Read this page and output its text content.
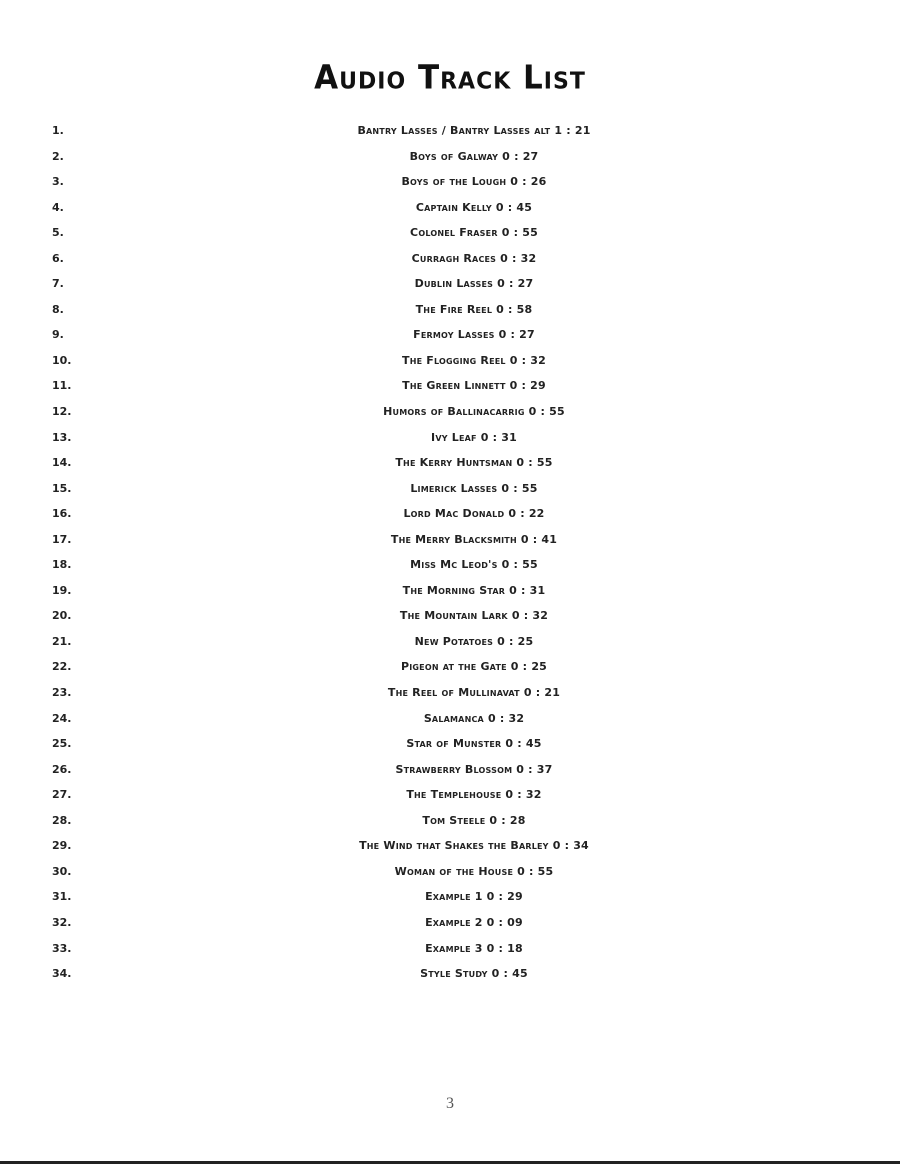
Audio Track List
1.	Bantry Lasses / Bantry Lasses alt 1 : 21
2.	Boys of Galway 0 : 27
3.	Boys of the Lough 0 : 26
4.	Captain Kelly 0 : 45
5.	Colonel Fraser 0 : 55
6.	Curragh Races 0 : 32
7.	Dublin Lasses 0 : 27
8.	The Fire Reel 0 : 58
9.	Fermoy Lasses 0 : 27
10.	The Flogging Reel 0 : 32
11.	The Green Linnett 0 : 29
12.	Humors of Ballinacarrig 0 : 55
13.	Ivy Leaf 0 : 31
14.	The Kerry Huntsman 0 : 55
15.	Limerick Lasses 0 : 55
16.	Lord Mac Donald 0 : 22
17.	The Merry Blacksmith 0 : 41
18.	Miss Mc Leod's 0 : 55
19.	The Morning Star 0 : 31
20.	The Mountain Lark 0 : 32
21.	New Potatoes 0 : 25
22.	Pigeon at the Gate 0 : 25
23.	The Reel of Mullinavat 0 : 21
24.	Salamanca 0 : 32
25.	Star of Munster 0 : 45
26.	Strawberry Blossom 0 : 37
27.	The Templehouse 0 : 32
28.	Tom Steele 0 : 28
29.	The Wind that Shakes the Barley 0 : 34
30.	Woman of the House 0 : 55
31.	Example 1 0 : 29
32.	Example 2 0 : 09
33.	Example 3 0 : 18
34.	Style Study 0 : 45
3
